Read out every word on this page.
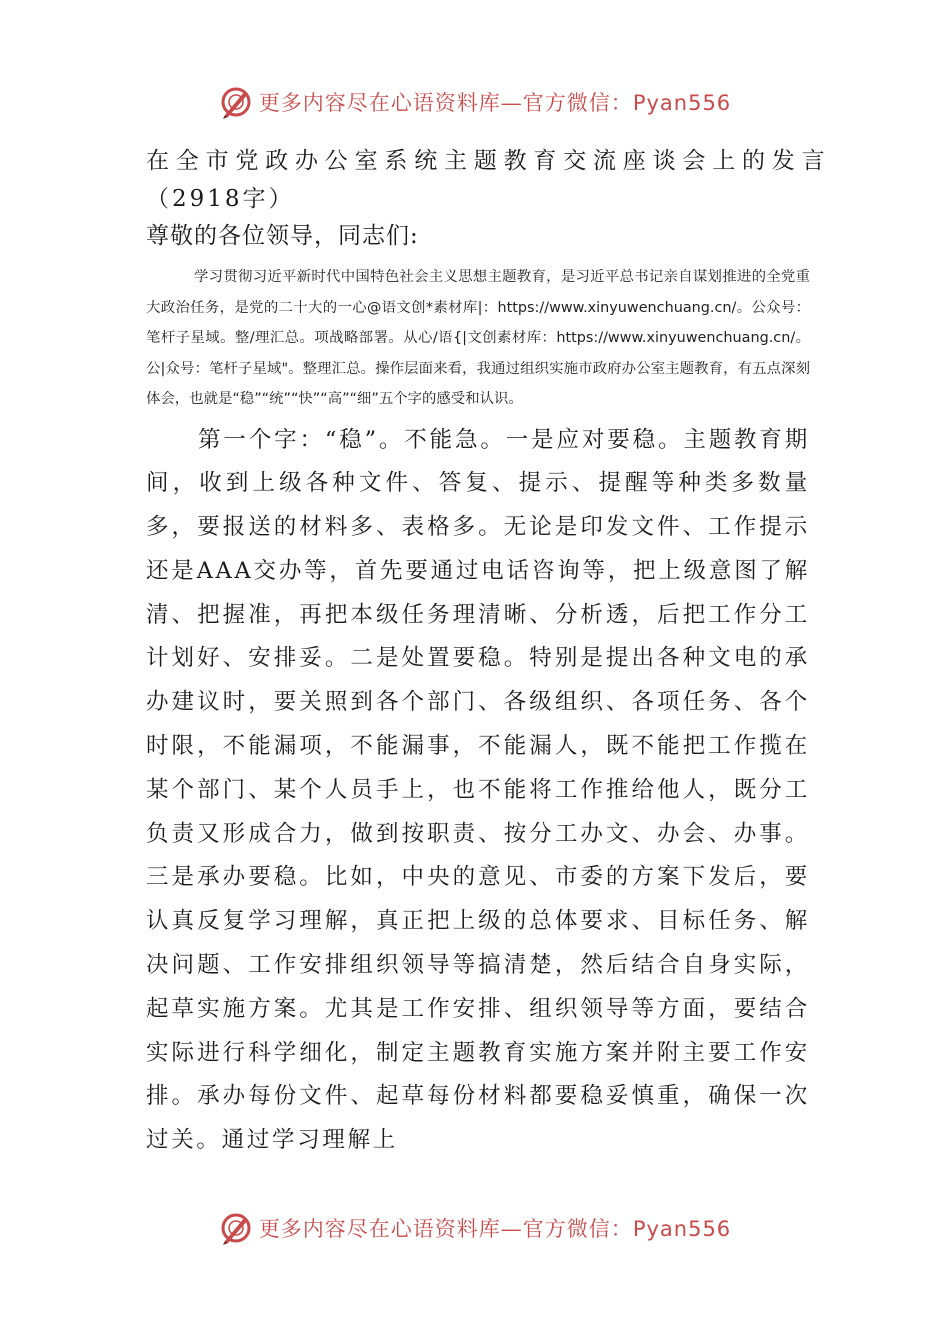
更多内容尽在心语资料库—官方微信：Pyan556
在全市党政办公室系统主题教育交流座谈会上的发言

（2918字）

尊敬的各位领导，同志们:

学习贯彻习近平新时代中国特色社会主义思想主题教育，是习近平总书记亲自谋划推进的全党重大政治任务，是党的二十大的一心@语文创*素材库|：https://www.xinyuwenchuang.cn/。公众号：笔杆子星域。整/理汇总。项战略部署。从心/语{|文创素材库：https://www.xinyuwenchuang.cn/。公|众号：笔杆子星域"。整理汇总。操作层面来看，我通过组织实施市政府办公室主题教育，有五点深刻体会，也就是“稳”“统”“快”“高”“细”五个字的感受和认识。

第一个字：“稳”。不能急。一是应对要稳。主题教育期间，收到上级各种文件、答复、提示、提醒等种类多数量多，要报送的材料多、表格多。无论是印发文件、工作提示还是AAA交办等，首先要通过电话咨询等，把上级意图了解清、把握准，再把本级任务理清晰、分析透，后把工作分工计划好、安排妥。二是处置要稳。特别是提出各种文电的承办建议时，要关照到各个部门、各级组织、各项任务、各个时限，不能漏项，不能漏事，不能漏人，既不能把工作揽在某个部门、某个人员手上，也不能将工作推给他人，既分工负责又形成合力，做到按职责、按分工办文、办会、办事。三是承办要稳。比如，中央的意见、市委的方案下发后，要认真反复学习理解，真正把上级的总体要求、目标任务、解决问题、工作安排组织领导等搞清楚，然后结合自身实际，起草实施方案。尤其是工作安排、组织领导等方面，要结合实际进行科学细化，制定主题教育实施方案并附主要工作安排。承办每份文件、起草每份材料都要稳妥慎重，确保一次过关。通过学习理解上

更多内容尽在心语资料库—官方微信：Pyan556
